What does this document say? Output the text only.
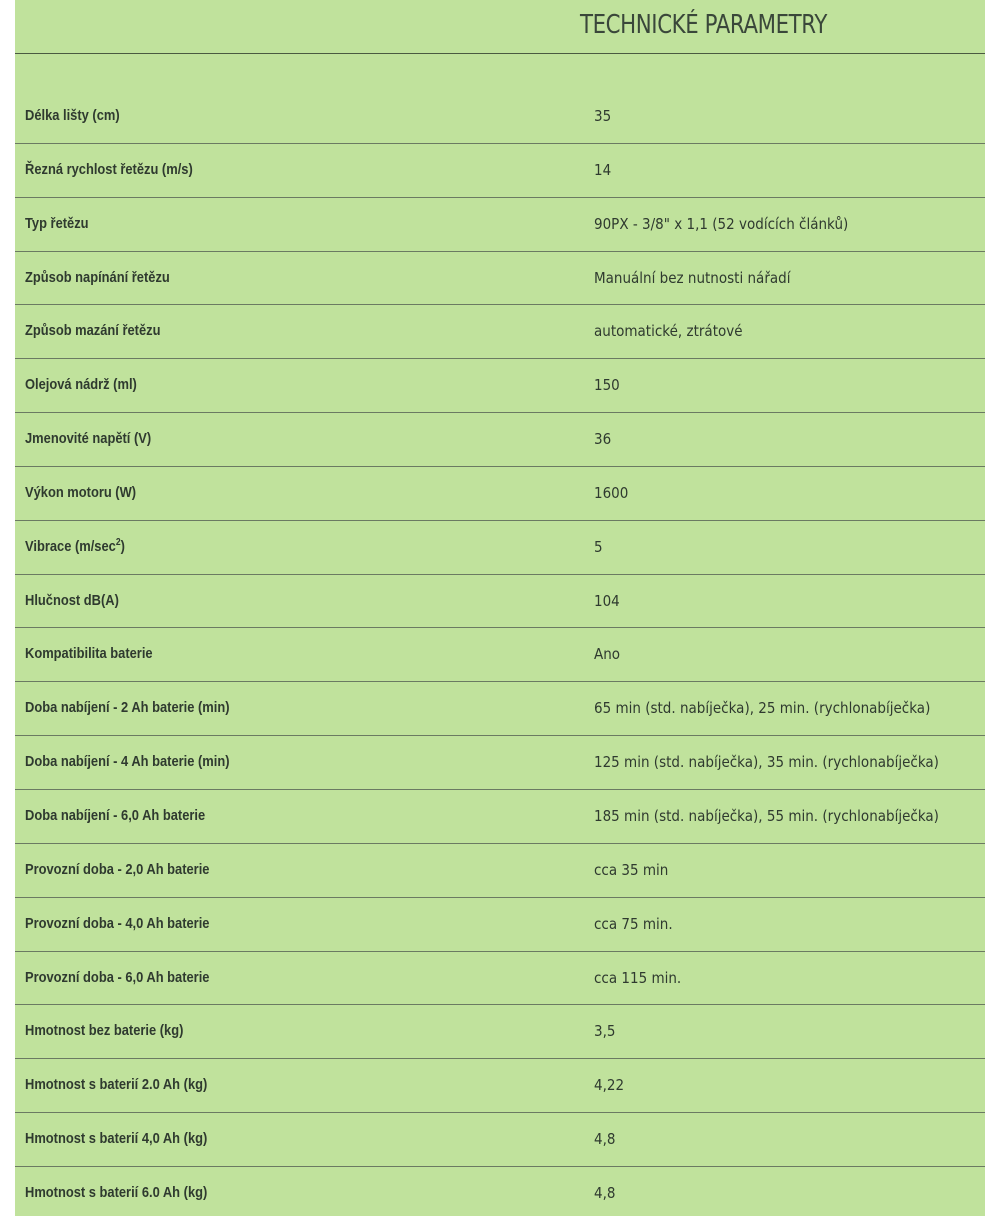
TECHNICKÉ PARAMETRY
Délka lišty (cm)	35
Řezná rychlost řetězu (m/s)	14
Typ řetězu	90PX - 3/8" x 1,1 (52 vodících článků)
Způsob napínání řetězu	Manuální bez nutnosti nářadí
Způsob mazání řetězu	automatické, ztrátové
Olejová nádrž (ml)	150
Jmenovité napětí (V)	36
Výkon motoru (W)	1600
Vibrace $(m/\sec^2)$	5
Hlučnost dB(A)	104
Kompatibilita baterie	Ano
Doba nabíjení - 2 Ah baterie (min)	65 min (std. nabíječka), 25 min. (rychlonabíječka)
Doba nabíjení - 4 Ah baterie (min)	125 min (std. nabíječka), 35 min. (rychlonabíječka)
Doba nabíjení - 6,0 Ah baterie	185 min (std. nabíječka), 55 min. (rychlonabíječka)
Provozní doba - 2,0 Ah baterie	cca 35 min
Provozní doba - 4,0 Ah baterie	cca 75 min.
Provozní doba - 6,0 Ah baterie	cca 115 min.
Hmotnost bez baterie (kg)	3,5
Hmotnost s baterií 2.0 Ah (kg)	4,22
Hmotnost s baterií 4,0 Ah (kg)	4,8
Hmotnost s baterií 6.0 Ah (kg)	4,8
